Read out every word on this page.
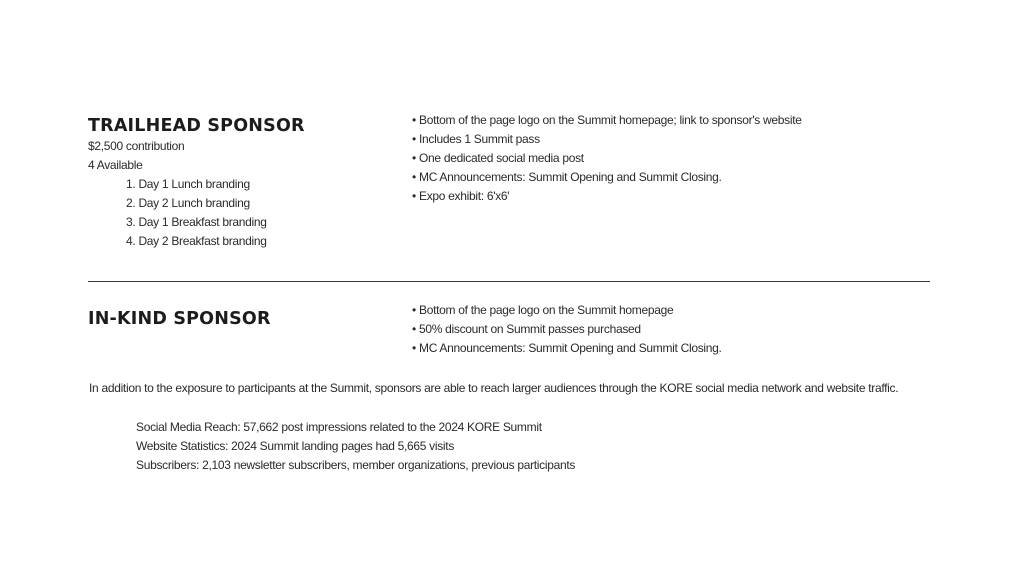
TRAILHEAD SPONSOR
$2,500 contribution
4 Available
1. Day 1 Lunch branding
2. Day 2 Lunch branding
3. Day 1 Breakfast branding
4. Day 2 Breakfast branding
• Bottom of the page logo on the Summit homepage; link to sponsor's website
• Includes 1 Summit pass
• One dedicated social media post
• MC Announcements: Summit Opening and Summit Closing.
• Expo exhibit: 6'x6'
IN-KIND SPONSOR	• Bottom of the page logo on the Summit homepage
• 50% discount on Summit passes purchased
• MC Announcements: Summit Opening and Summit Closing.
In addition to the exposure to participants at the Summit, sponsors are able to reach larger audiences through the KORE social media network and website traffic.
Social Media Reach: 57,662 post impressions related to the 2024 KORE Summit
Website Statistics: 2024 Summit landing pages had 5,665 visits
Subscribers: 2,103 newsletter subscribers, member organizations, previous participants
